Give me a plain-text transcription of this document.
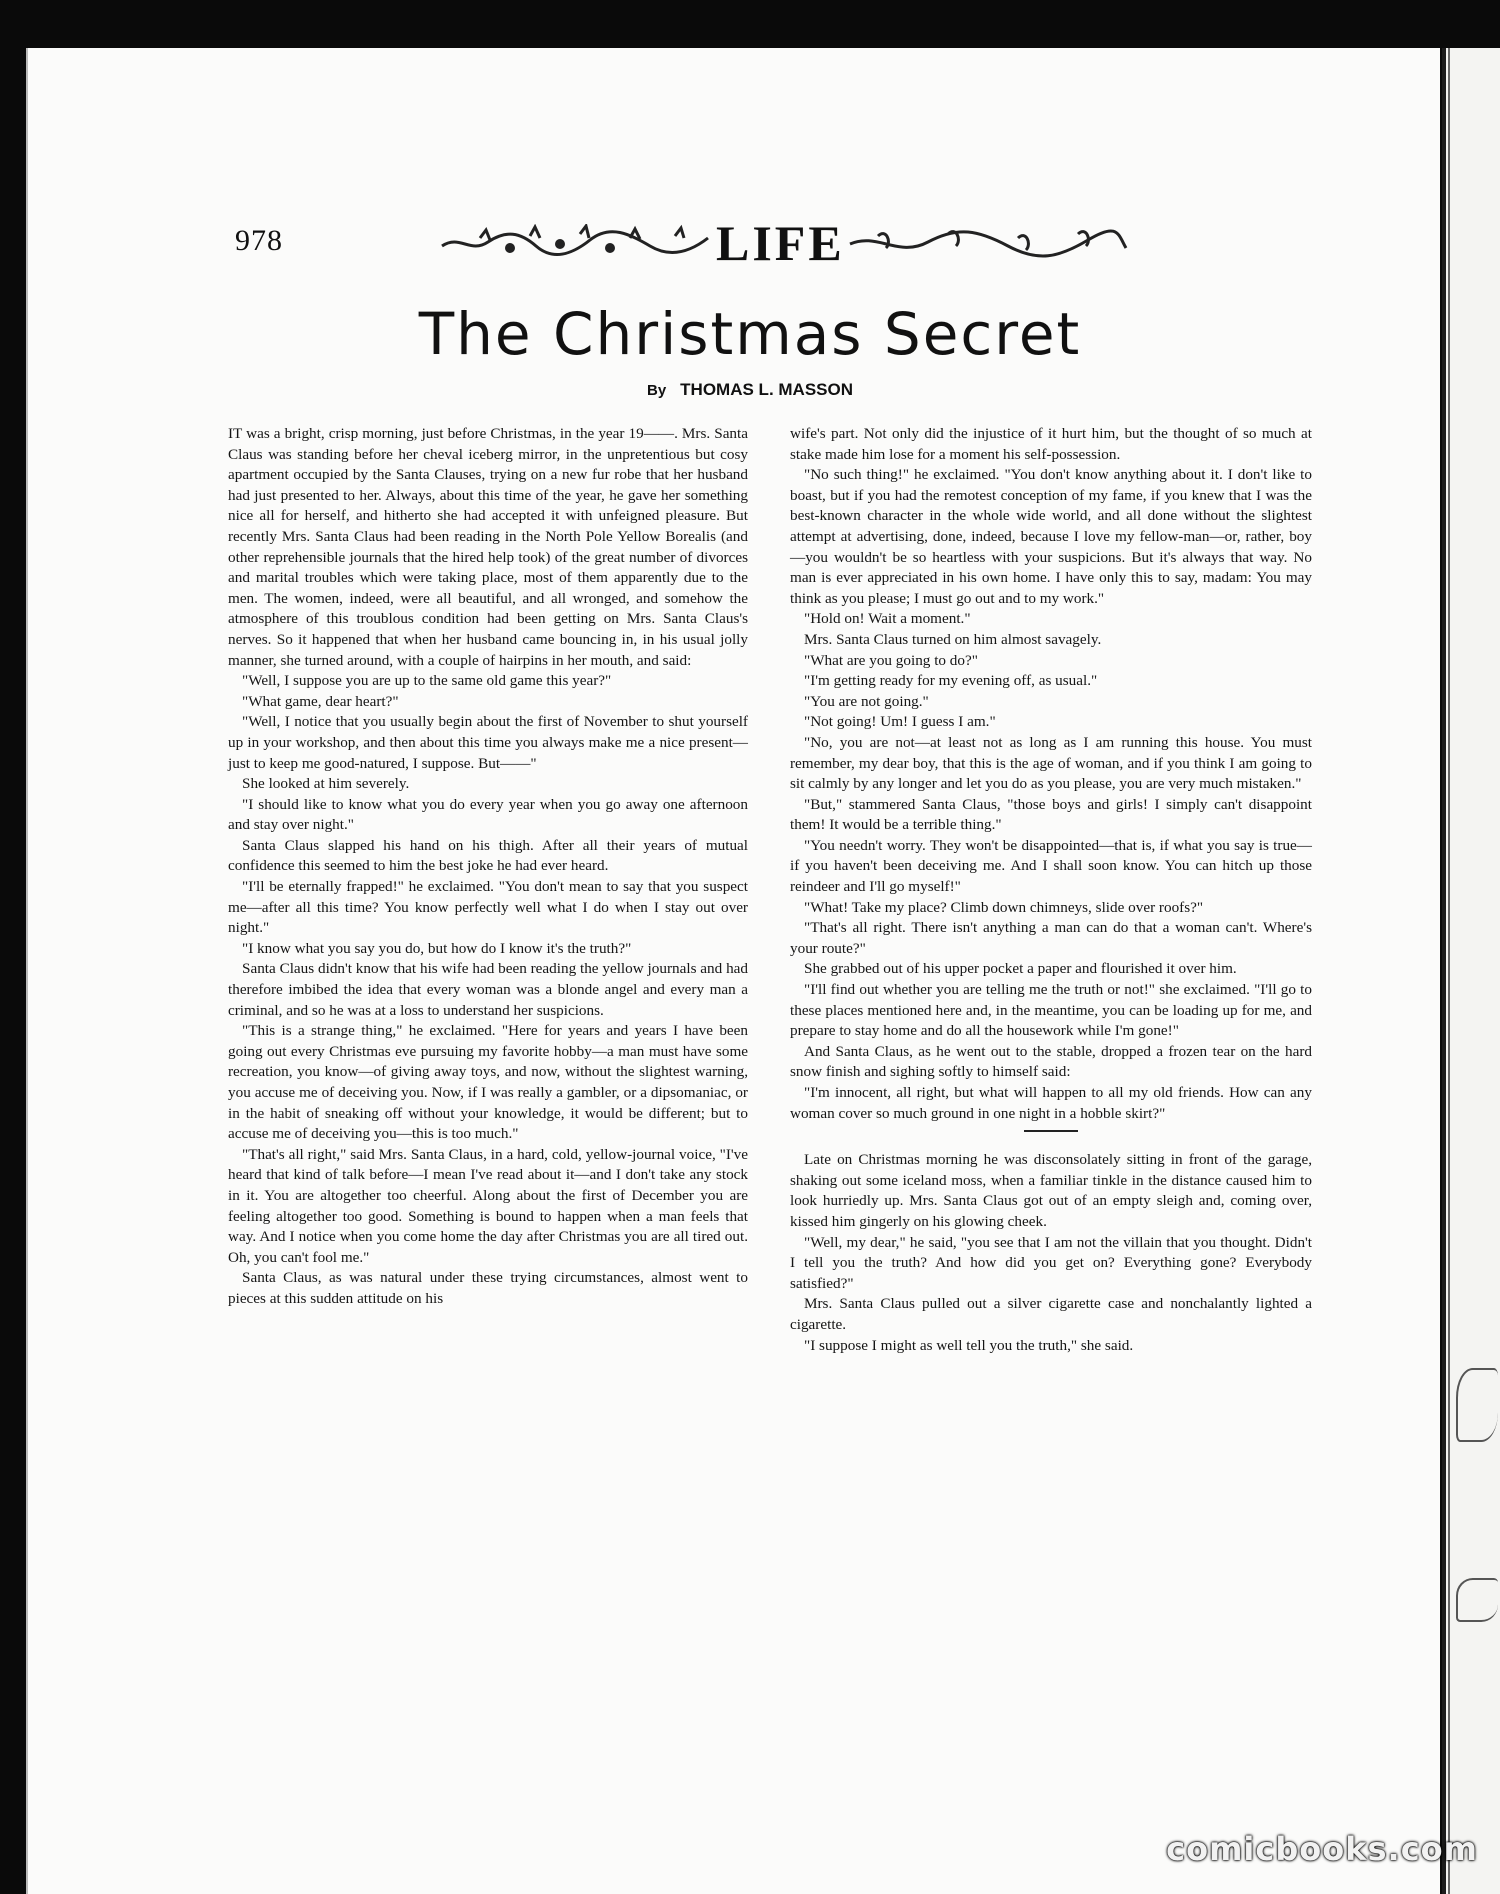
978	LIFE
The Christmas Secret
By THOMAS L. MASSON

IT was a bright, crisp morning, just before Christmas, in the year 19——. Mrs. Santa Claus was standing before her cheval iceberg mirror, in the unpretentious but cosy apartment occupied by the Santa Clauses, trying on a new fur robe that her husband had just presented to her. Always, about this time of the year, he gave her something nice all for herself, and hitherto she had accepted it with unfeigned pleasure. But recently Mrs. Santa Claus had been reading in the North Pole Yellow Borealis (and other reprehensible journals that the hired help took) of the great number of divorces and marital troubles which were taking place, most of them apparently due to the men. The women, indeed, were all beautiful, and all wronged, and somehow the atmosphere of this troublous condition had been getting on Mrs. Santa Claus's nerves. So it happened that when her husband came bouncing in, in his usual jolly manner, she turned around, with a couple of hairpins in her mouth, and said:

"Well, I suppose you are up to the same old game this year?"

"What game, dear heart?"

"Well, I notice that you usually begin about the first of November to shut yourself up in your workshop, and then about this time you always make me a nice present—just to keep me good-natured, I suppose. But——"

She looked at him severely.

"I should like to know what you do every year when you go away one afternoon and stay over night."

Santa Claus slapped his hand on his thigh. After all their years of mutual confidence this seemed to him the best joke he had ever heard.

"I'll be eternally frapped!" he exclaimed. "You don't mean to say that you suspect me—after all this time? You know perfectly well what I do when I stay out over night."

"I know what you say you do, but how do I know it's the truth?"

Santa Claus didn't know that his wife had been reading the yellow journals and had therefore imbibed the idea that every woman was a blonde angel and every man a criminal, and so he was at a loss to understand her suspicions.

"This is a strange thing," he exclaimed. "Here for years and years I have been going out every Christmas eve pursuing my favorite hobby—a man must have some recreation, you know—of giving away toys, and now, without the slightest warning, you accuse me of deceiving you. Now, if I was really a gambler, or a dipsomaniac, or in the habit of sneaking off without your knowledge, it would be different; but to accuse me of deceiving you—this is too much."

"That's all right," said Mrs. Santa Claus, in a hard, cold, yellow-journal voice, "I've heard that kind of talk before—I mean I've read about it—and I don't take any stock in it. You are altogether too cheerful. Along about the first of December you are feeling altogether too good. Something is bound to happen when a man feels that way. And I notice when you come home the day after Christmas you are all tired out. Oh, you can't fool me."

Santa Claus, as was natural under these trying circumstances, almost went to pieces at this sudden attitude on his

wife's part. Not only did the injustice of it hurt him, but the thought of so much at stake made him lose for a moment his self-possession.

"No such thing!" he exclaimed. "You don't know anything about it. I don't like to boast, but if you had the remotest conception of my fame, if you knew that I was the best-known character in the whole wide world, and all done without the slightest attempt at advertising, done, indeed, because I love my fellow-man—or, rather, boy—you wouldn't be so heartless with your suspicions. But it's always that way. No man is ever appreciated in his own home. I have only this to say, madam: You may think as you please; I must go out and to my work."

"Hold on! Wait a moment."

Mrs. Santa Claus turned on him almost savagely.

"What are you going to do?"

"I'm getting ready for my evening off, as usual."

"You are not going."

"Not going! Um! I guess I am."

"No, you are not—at least not as long as I am running this house. You must remember, my dear boy, that this is the age of woman, and if you think I am going to sit calmly by any longer and let you do as you please, you are very much mistaken."

"But," stammered Santa Claus, "those boys and girls! I simply can't disappoint them! It would be a terrible thing."

"You needn't worry. They won't be disappointed—that is, if what you say is true—if you haven't been deceiving me. And I shall soon know. You can hitch up those reindeer and I'll go myself!"

"What! Take my place? Climb down chimneys, slide over roofs?"

"That's all right. There isn't anything a man can do that a woman can't. Where's your route?"

She grabbed out of his upper pocket a paper and flourished it over him.

"I'll find out whether you are telling me the truth or not!" she exclaimed. "I'll go to these places mentioned here and, in the meantime, you can be loading up for me, and prepare to stay home and do all the housework while I'm gone!"

And Santa Claus, as he went out to the stable, dropped a frozen tear on the hard snow finish and sighing softly to himself said:

"I'm innocent, all right, but what will happen to all my old friends. How can any woman cover so much ground in one night in a hobble skirt?"

Late on Christmas morning he was disconsolately sitting in front of the garage, shaking out some iceland moss, when a familiar tinkle in the distance caused him to look hurriedly up. Mrs. Santa Claus got out of an empty sleigh and, coming over, kissed him gingerly on his glowing cheek.

"Well, my dear," he said, "you see that I am not the villain that you thought. Didn't I tell you the truth? And how did you get on? Everything gone? Everybody satisfied?"

Mrs. Santa Claus pulled out a silver cigarette case and nonchalantly lighted a cigarette.

"I suppose I might as well tell you the truth," she said.

comicbooks.com
